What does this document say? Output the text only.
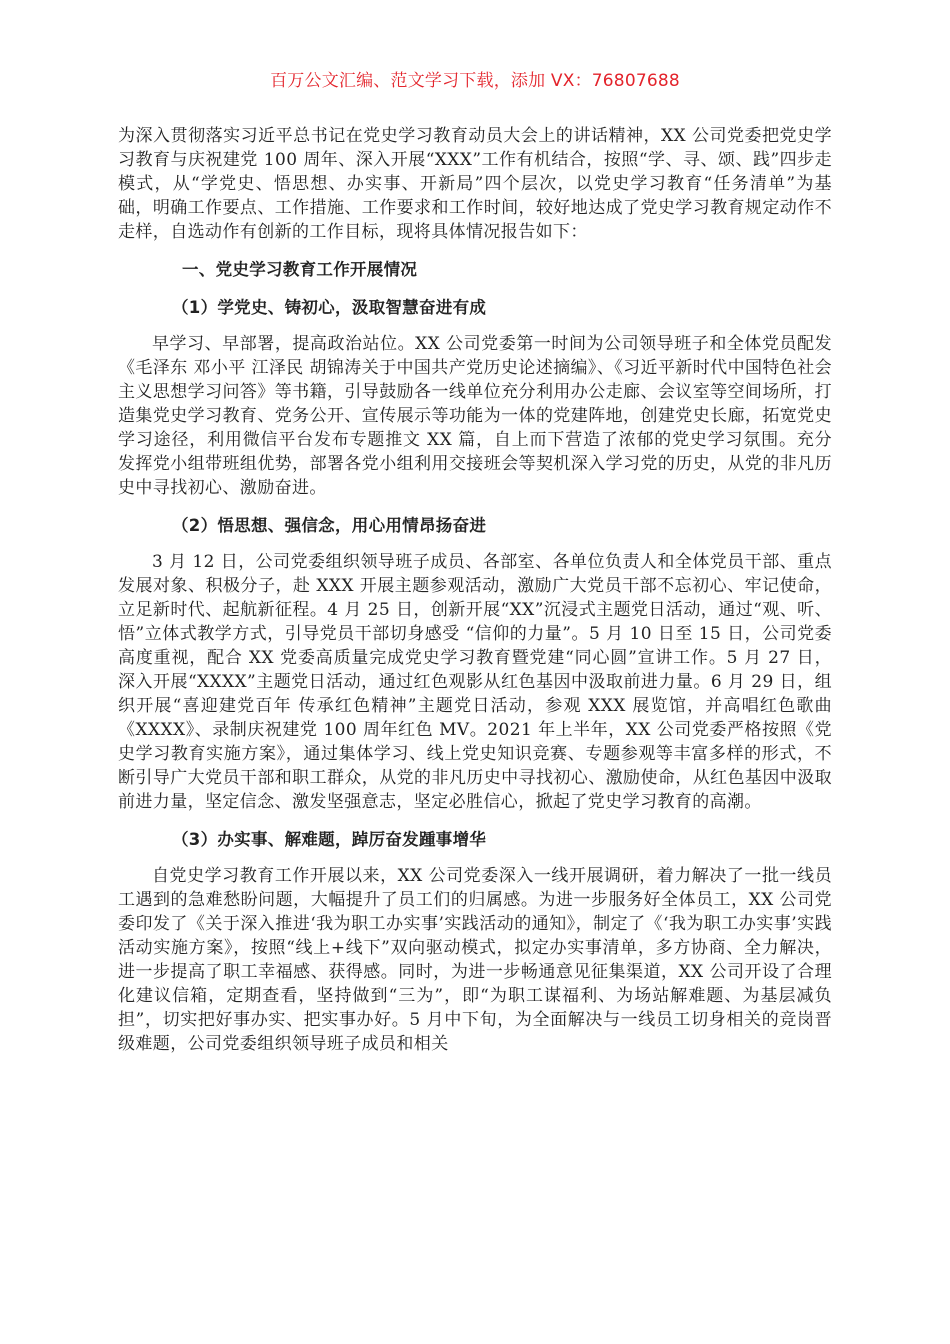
百万公文汇编、范文学习下载，添加 VX：76807688

为深入贯彻落实习近平总书记在党史学习教育动员大会上的讲话精神，XX 公司党委把党史学习教育与庆祝建党 100 周年、深入开展“XXX”工作有机结合，按照“学、寻、颂、践”四步走模式，从“学党史、悟思想、办实事、开新局”四个层次，以党史学习教育“任务清单”为基础，明确工作要点、工作措施、工作要求和工作时间，较好地达成了党史学习教育规定动作不走样，自选动作有创新的工作目标，现将具体情况报告如下：

一、党史学习教育工作开展情况
（1）学党史、铸初心，汲取智慧奋进有成

早学习、早部署，提高政治站位。XX 公司党委第一时间为公司领导班子和全体党员配发《毛泽东 邓小平 江泽民 胡锦涛关于中国共产党历史论述摘编》、《习近平新时代中国特色社会主义思想学习问答》等书籍，引导鼓励各一线单位充分利用办公走廊、会议室等空间场所，打造集党史学习教育、党务公开、宣传展示等功能为一体的党建阵地，创建党史长廊，拓宽党史学习途径，利用微信平台发布专题推文 XX 篇，自上而下营造了浓郁的党史学习氛围。充分发挥党小组带班组优势，部署各党小组利用交接班会等契机深入学习党的历史，从党的非凡历史中寻找初心、激励奋进。

（2）悟思想、强信念，用心用情昂扬奋进

3 月 12 日，公司党委组织领导班子成员、各部室、各单位负责人和全体党员干部、重点发展对象、积极分子，赴 XXX 开展主题参观活动，激励广大党员干部不忘初心、牢记使命，立足新时代、起航新征程。4 月 25 日，创新开展“XX”沉浸式主题党日活动，通过“观、听、悟”立体式教学方式，引导党员干部切身感受 “信仰的力量”。5 月 10 日至 15 日，公司党委高度重视，配合 XX 党委高质量完成党史学习教育暨党建“同心圆”宣讲工作。5 月 27 日，深入开展“XXXX”主题党日活动，通过红色观影从红色基因中汲取前进力量。6 月 29 日，组织开展“喜迎建党百年 传承红色精神”主题党日活动，参观 XXX 展览馆，并高唱红色歌曲《XXXX》、录制庆祝建党 100 周年红色 MV。2021 年上半年，XX 公司党委严格按照《党史学习教育实施方案》，通过集体学习、线上党史知识竞赛、专题参观等丰富多样的形式，不断引导广大党员干部和职工群众，从党的非凡历史中寻找初心、激励使命，从红色基因中汲取前进力量，坚定信念、激发坚强意志，坚定必胜信心，掀起了党史学习教育的高潮。

（3）办实事、解难题，踔厉奋发踵事增华

自党史学习教育工作开展以来，XX 公司党委深入一线开展调研，着力解决了一批一线员工遇到的急难愁盼问题，大幅提升了员工们的归属感。为进一步服务好全体员工，XX 公司党委印发了《关于深入推进‘我为职工办实事’实践活动的通知》，制定了《‘我为职工办实事’实践活动实施方案》，按照“线上+线下”双向驱动模式，拟定办实事清单，多方协商、全力解决，进一步提高了职工幸福感、获得感。同时，为进一步畅通意见征集渠道，XX 公司开设了合理化建议信箱，定期查看，坚持做到“三为”，即“为职工谋福利、为场站解难题、为基层减负担”，切实把好事办实、把实事办好。5 月中下旬，为全面解决与一线员工切身相关的竞岗晋级难题，公司党委组织领导班子成员和相关
